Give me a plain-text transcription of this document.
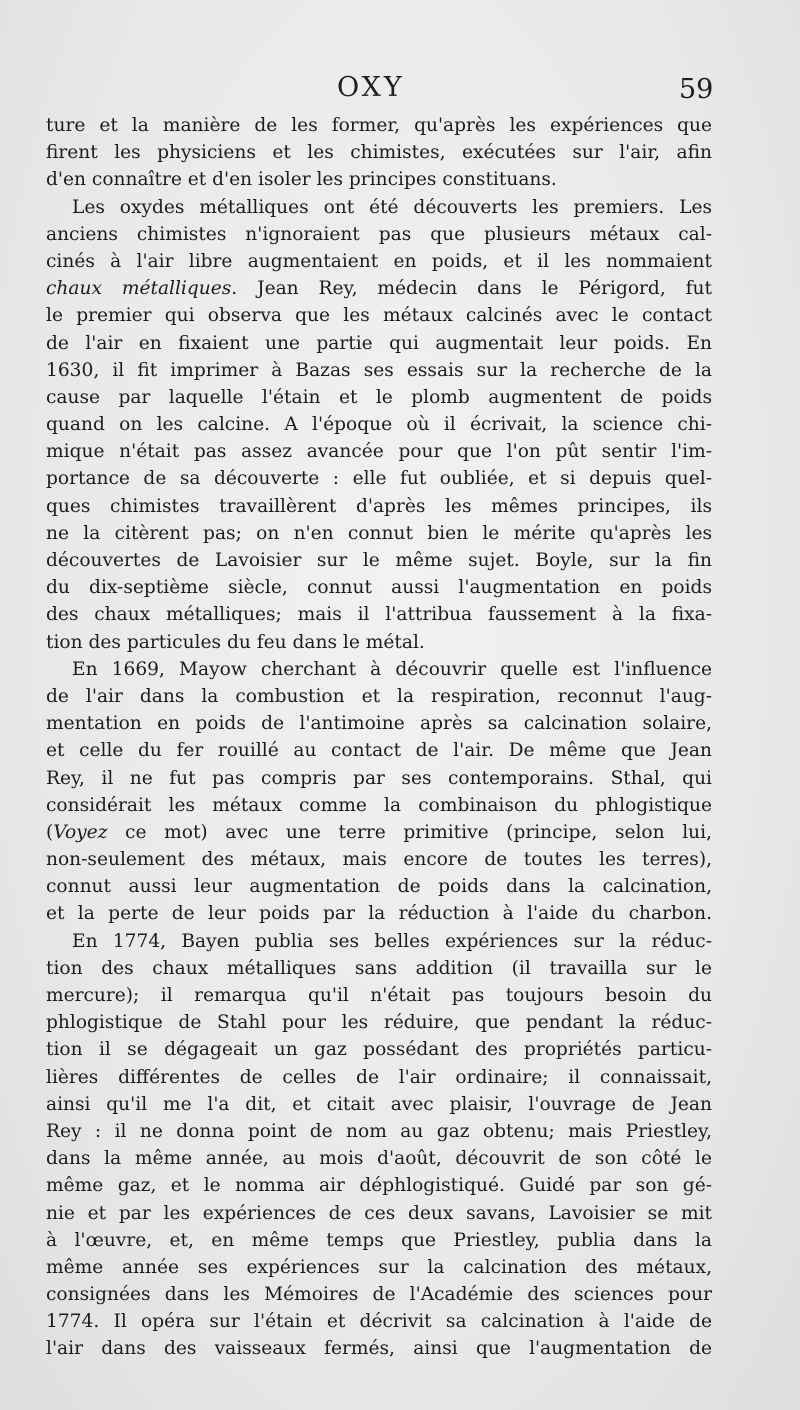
OXY	59
ture et la manière de les former, qu'après les expériences que
firent les physiciens et les chimistes, exécutées sur l'air, afin
d'en connaître et d'en isoler les principes constituans.
Les oxydes métalliques ont été découverts les premiers. Les
anciens chimistes n'ignoraient pas que plusieurs métaux cal-
cinés à l'air libre augmentaient en poids, et il les nommaient
chaux métalliques. Jean Rey, médecin dans le Périgord, fut
le premier qui observa que les métaux calcinés avec le contact
de l'air en fixaient une partie qui augmentait leur poids. En
1630, il fit imprimer à Bazas ses essais sur la recherche de la
cause par laquelle l'étain et le plomb augmentent de poids
quand on les calcine. A l'époque où il écrivait, la science chi-
mique n'était pas assez avancée pour que l'on pût sentir l'im-
portance de sa découverte : elle fut oubliée, et si depuis quel-
ques chimistes travaillèrent d'après les mêmes principes, ils
ne la citèrent pas; on n'en connut bien le mérite qu'après les
découvertes de Lavoisier sur le même sujet. Boyle, sur la fin
du dix-septième siècle, connut aussi l'augmentation en poids
des chaux métalliques; mais il l'attribua faussement à la fixa-
tion des particules du feu dans le métal.
En 1669, Mayow cherchant à découvrir quelle est l'influence
de l'air dans la combustion et la respiration, reconnut l'aug-
mentation en poids de l'antimoine après sa calcination solaire,
et celle du fer rouillé au contact de l'air. De même que Jean
Rey, il ne fut pas compris par ses contemporains. Sthal, qui
considérait les métaux comme la combinaison du phlogistique
(Voyez ce mot) avec une terre primitive (principe, selon lui,
non-seulement des métaux, mais encore de toutes les terres),
connut aussi leur augmentation de poids dans la calcination,
et la perte de leur poids par la réduction à l'aide du charbon.
En 1774, Bayen publia ses belles expériences sur la réduc-
tion des chaux métalliques sans addition (il travailla sur le
mercure); il remarqua qu'il n'était pas toujours besoin du
phlogistique de Stahl pour les réduire, que pendant la réduc-
tion il se dégageait un gaz possédant des propriétés particu-
lières différentes de celles de l'air ordinaire; il connaissait,
ainsi qu'il me l'a dit, et citait avec plaisir, l'ouvrage de Jean
Rey : il ne donna point de nom au gaz obtenu; mais Priestley,
dans la même année, au mois d'août, découvrit de son côté le
même gaz, et le nomma air déphlogistiqué. Guidé par son gé-
nie et par les expériences de ces deux savans, Lavoisier se mit
à l'œuvre, et, en même temps que Priestley, publia dans la
même année ses expériences sur la calcination des métaux,
consignées dans les Mémoires de l'Académie des sciences pour
1774. Il opéra sur l'étain et décrivit sa calcination à l'aide de
l'air dans des vaisseaux fermés, ainsi que l'augmentation de
